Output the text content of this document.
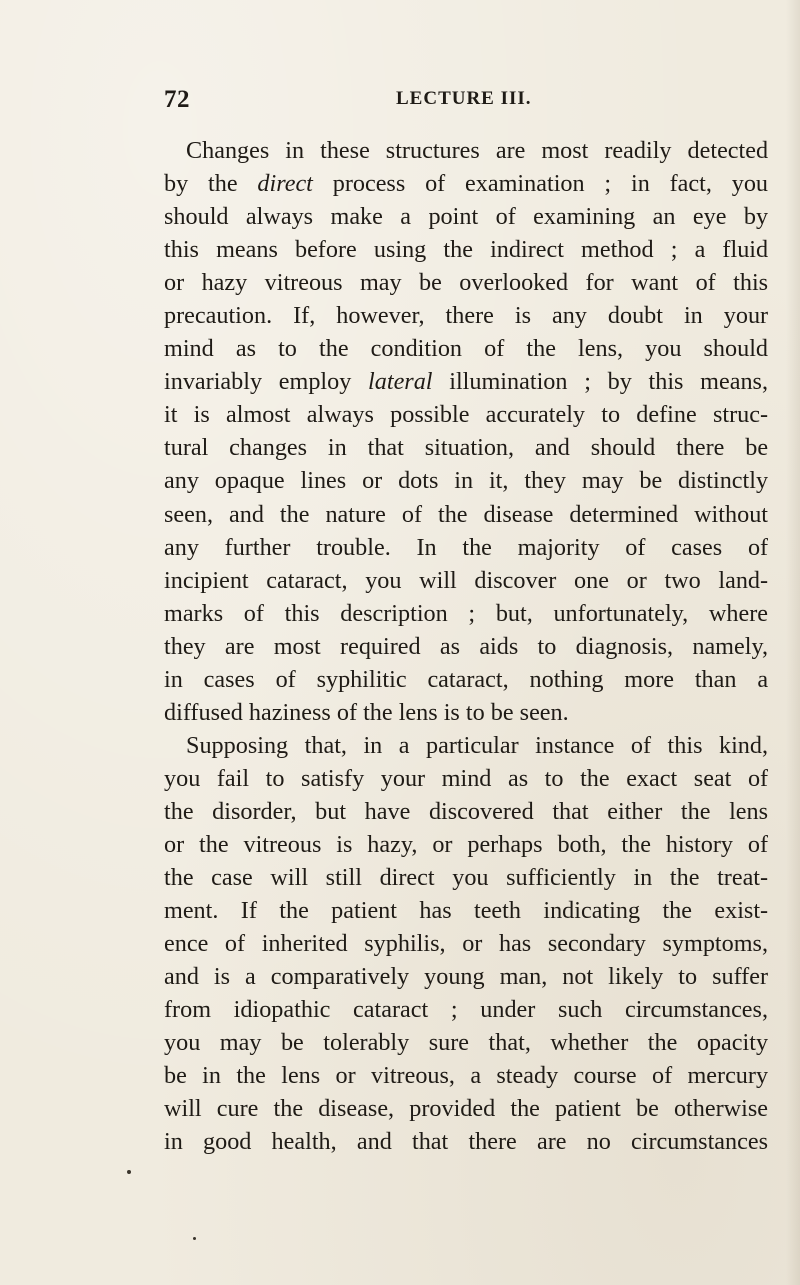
72	LECTURE III.
Changes in these structures are most readily detected
by the direct process of examination ; in fact, you
should always make a point of examining an eye by
this means before using the indirect method ; a fluid
or hazy vitreous may be overlooked for want of this
precaution. If, however, there is any doubt in your
mind as to the condition of the lens, you should
invariably employ lateral illumination ; by this means,
it is almost always possible accurately to define struc-
tural changes in that situation, and should there be
any opaque lines or dots in it, they may be distinctly
seen, and the nature of the disease determined without
any further trouble. In the majority of cases of
incipient cataract, you will discover one or two land-
marks of this description ; but, unfortunately, where
they are most required as aids to diagnosis, namely,
in cases of syphilitic cataract, nothing more than a
diffused haziness of the lens is to be seen.
Supposing that, in a particular instance of this kind,
you fail to satisfy your mind as to the exact seat of
the disorder, but have discovered that either the lens
or the vitreous is hazy, or perhaps both, the history of
the case will still direct you sufficiently in the treat-
ment. If the patient has teeth indicating the exist-
ence of inherited syphilis, or has secondary symptoms,
and is a comparatively young man, not likely to suffer
from idiopathic cataract ; under such circumstances,
you may be tolerably sure that, whether the opacity
be in the lens or vitreous, a steady course of mercury
will cure the disease, provided the patient be otherwise
in good health, and that there are no circumstances
